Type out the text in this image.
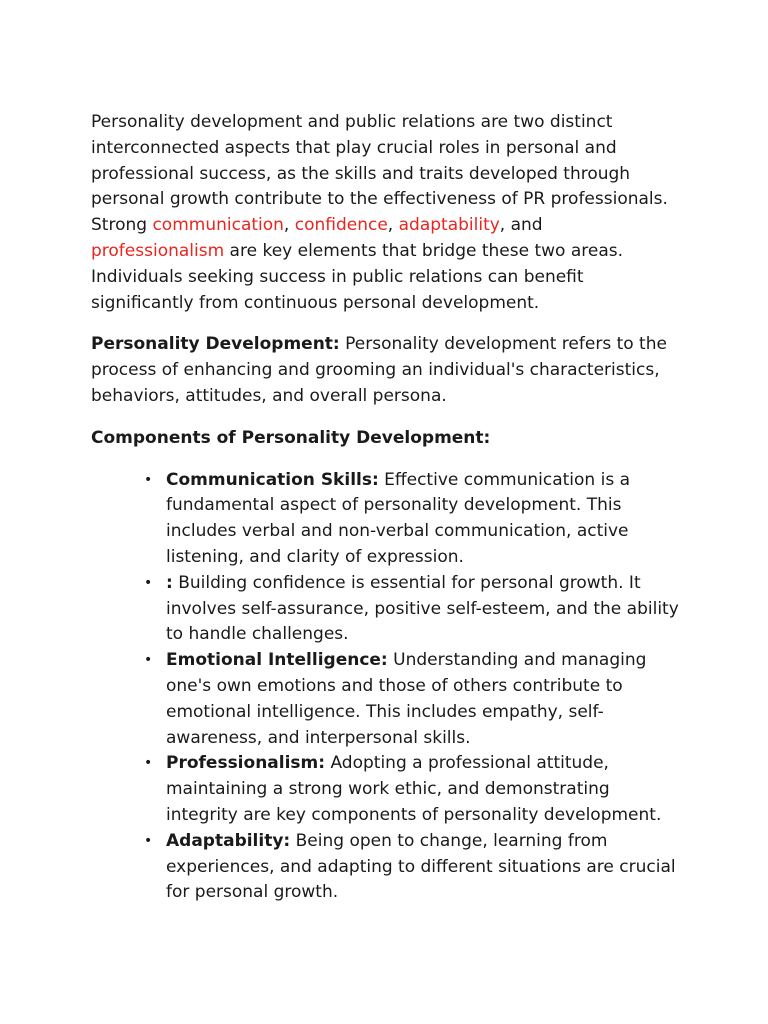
Personality development and public relations are two distinct interconnected aspects that play crucial roles in personal and professional success, as the skills and traits developed through personal growth contribute to the effectiveness of PR professionals. Strong communication, confidence, adaptability, and professionalism are key elements that bridge these two areas. Individuals seeking success in public relations can benefit significantly from continuous personal development.

Personality Development: Personality development refers to the process of enhancing and grooming an individual's characteristics, behaviors, attitudes, and overall persona.

Components of Personality Development:

• Communication Skills: Effective communication is a fundamental aspect of personality development. This includes verbal and non-verbal communication, active listening, and clarity of expression.
• : Building confidence is essential for personal growth. It involves self-assurance, positive self-esteem, and the ability to handle challenges.
• Emotional Intelligence: Understanding and managing one's own emotions and those of others contribute to emotional intelligence. This includes empathy, self-awareness, and interpersonal skills.
• Professionalism: Adopting a professional attitude, maintaining a strong work ethic, and demonstrating integrity are key components of personality development.
• Adaptability: Being open to change, learning from experiences, and adapting to different situations are crucial for personal growth.
